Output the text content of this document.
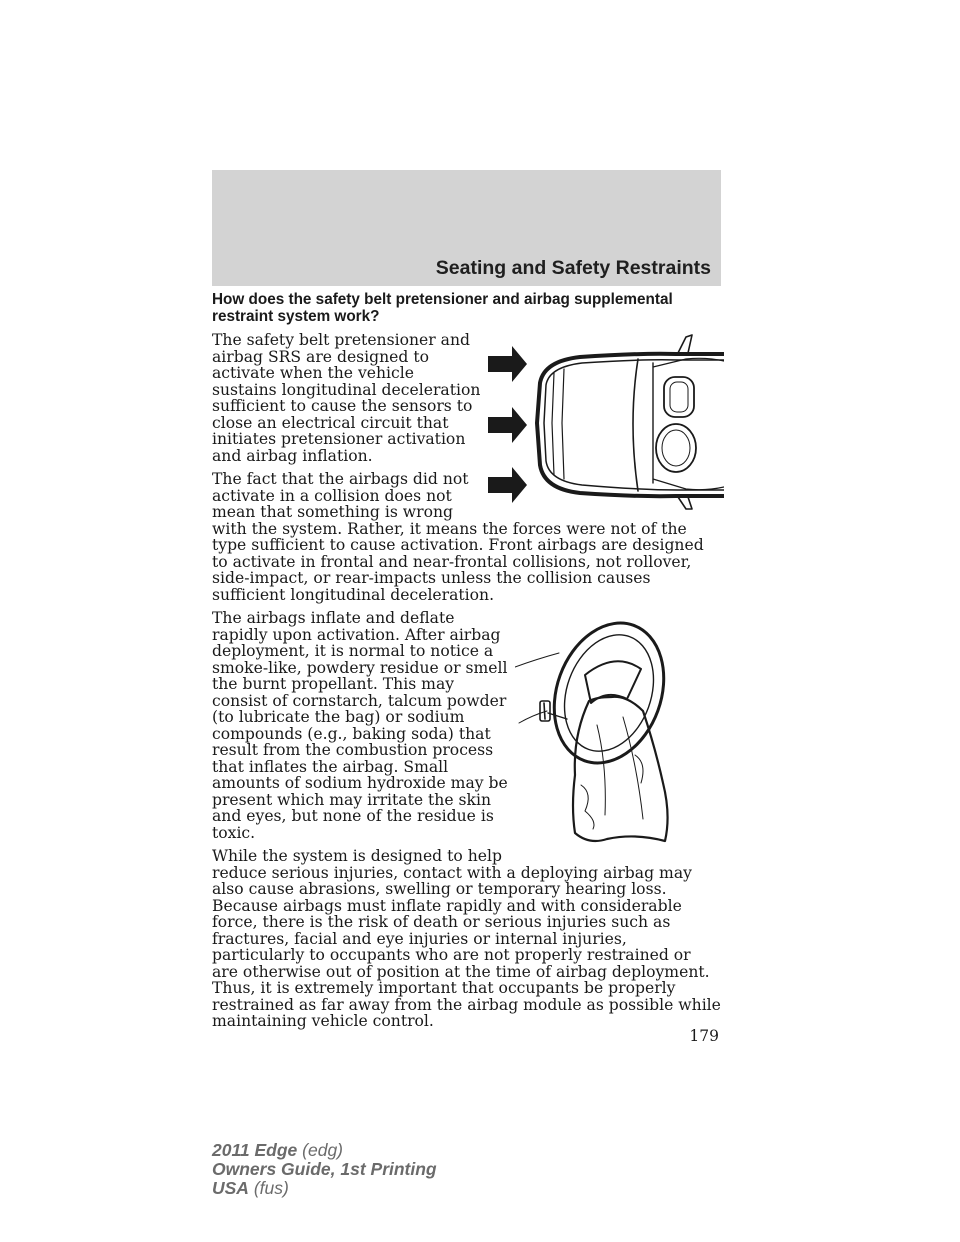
Seating and Safety Restraints
How does the safety belt pretensioner and airbag supplemental restraint system work?

The safety belt pretensioner and airbag SRS are designed to activate when the vehicle sustains longitudinal deceleration sufficient to cause the sensors to close an electrical circuit that initiates pretensioner activation and airbag inflation.

The fact that the airbags did not activate in a collision does not mean that something is wrong with the system. Rather, it means the forces were not of the type sufficient to cause activation. Front airbags are designed to activate in frontal and near-frontal collisions, not rollover, side-impact, or rear-impacts unless the collision causes sufficient longitudinal deceleration.

The airbags inflate and deflate rapidly upon activation. After airbag deployment, it is normal to notice a smoke-like, powdery residue or smell the burnt propellant. This may consist of cornstarch, talcum powder (to lubricate the bag) or sodium compounds (e.g., baking soda) that result from the combustion process that inflates the airbag. Small amounts of sodium hydroxide may be present which may irritate the skin and eyes, but none of the residue is toxic.

While the system is designed to help reduce serious injuries, contact with a deploying airbag may also cause abrasions, swelling or temporary hearing loss. Because airbags must inflate rapidly and with considerable force, there is the risk of death or serious injuries such as fractures, facial and eye injuries or internal injuries, particularly to occupants who are not properly restrained or are otherwise out of position at the time of airbag deployment. Thus, it is extremely important that occupants be properly restrained as far away from the airbag module as possible while maintaining vehicle control.

179

2011 Edge (edg)
Owners Guide, 1st Printing
USA (fus)
